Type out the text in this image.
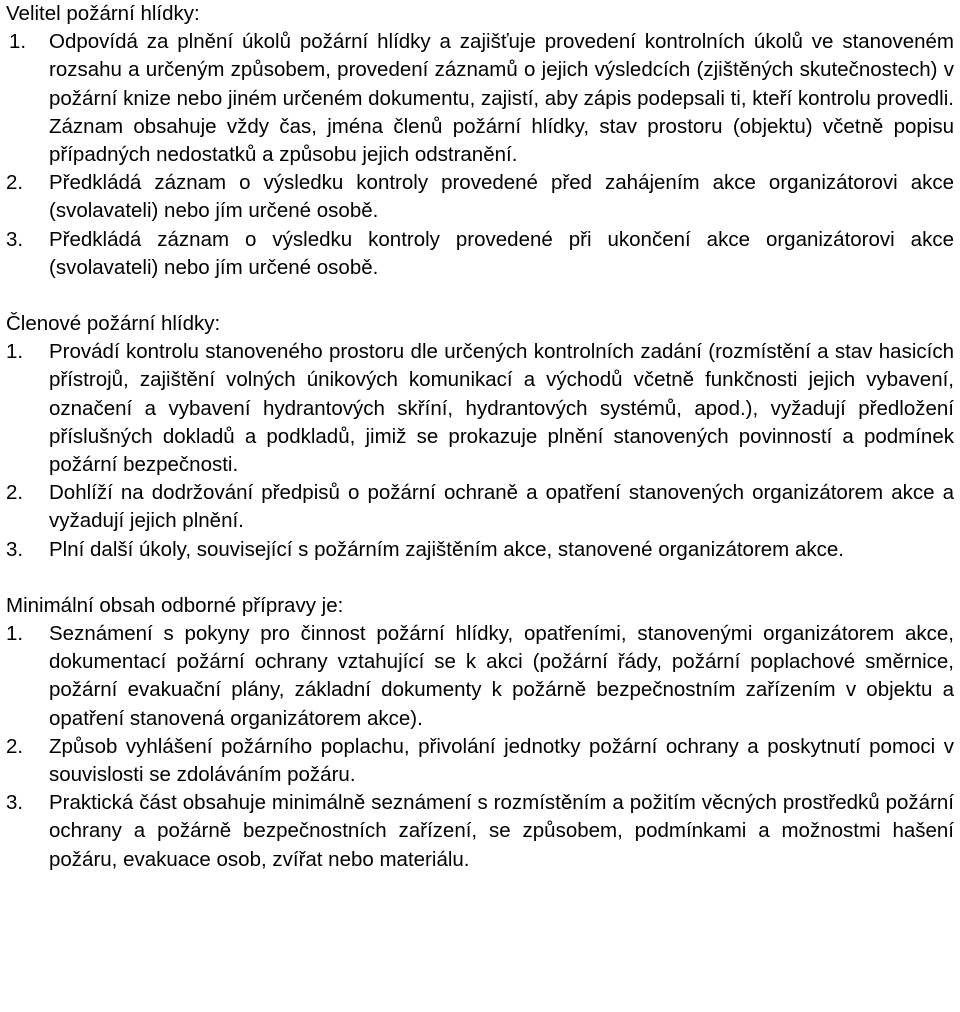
Velitel požární hlídky:
1. Odpovídá za plnění úkolů požární hlídky a zajišťuje provedení kontrolních úkolů ve stanoveném rozsahu a určeným způsobem, provedení záznamů o jejich výsledcích (zjištěných skutečnostech) v požární knize nebo jiném určeném dokumentu, zajistí, aby zápis podepsali ti, kteří kontrolu provedli. Záznam obsahuje vždy čas, jména členů požární hlídky, stav prostoru (objektu) včetně popisu případných nedostatků a způsobu jejich odstranění.
2. Předkládá záznam o výsledku kontroly provedené před zahájením akce organizátorovi akce (svolavateli) nebo jím určené osobě.
3. Předkládá záznam o výsledku kontroly provedené při ukončení akce organizátorovi akce (svolavateli) nebo jím určené osobě.
Členové požární hlídky:
1. Provádí kontrolu stanoveného prostoru dle určených kontrolních zadání (rozmístění a stav hasicích přístrojů, zajištění volných únikových komunikací a východů včetně funkčnosti jejich vybavení, označení a vybavení hydrantových skříní, hydrantových systémů, apod.), vyžadují předložení příslušných dokladů a podkladů, jimiž se prokazuje plnění stanovených povinností a podmínek požární bezpečnosti.
2. Dohlíží na dodržování předpisů o požární ochraně a opatření stanovených organizátorem akce a vyžadují jejich plnění.
3. Plní další úkoly, související s požárním zajištěním akce, stanovené organizátorem akce.
Minimální obsah odborné přípravy je:
1. Seznámení s pokyny pro činnost požární hlídky, opatřeními, stanovenými organizátorem akce, dokumentací požární ochrany vztahující se k akci (požární řády, požární poplachové směrnice, požární evakuační plány, základní dokumenty k požárně bezpečnostním zařízením v objektu a opatření stanovená organizátorem akce).
2. Způsob vyhlášení požárního poplachu, přivolání jednotky požární ochrany a poskytnutí pomoci v souvislosti se zdoláváním požáru.
3. Praktická část obsahuje minimálně seznámení s rozmístěním a požitím věcných prostředků požární ochrany a požárně bezpečnostních zařízení, se způsobem, podmínkami a možnostmi hašení požáru, evakuace osob, zvířat nebo materiálu.
